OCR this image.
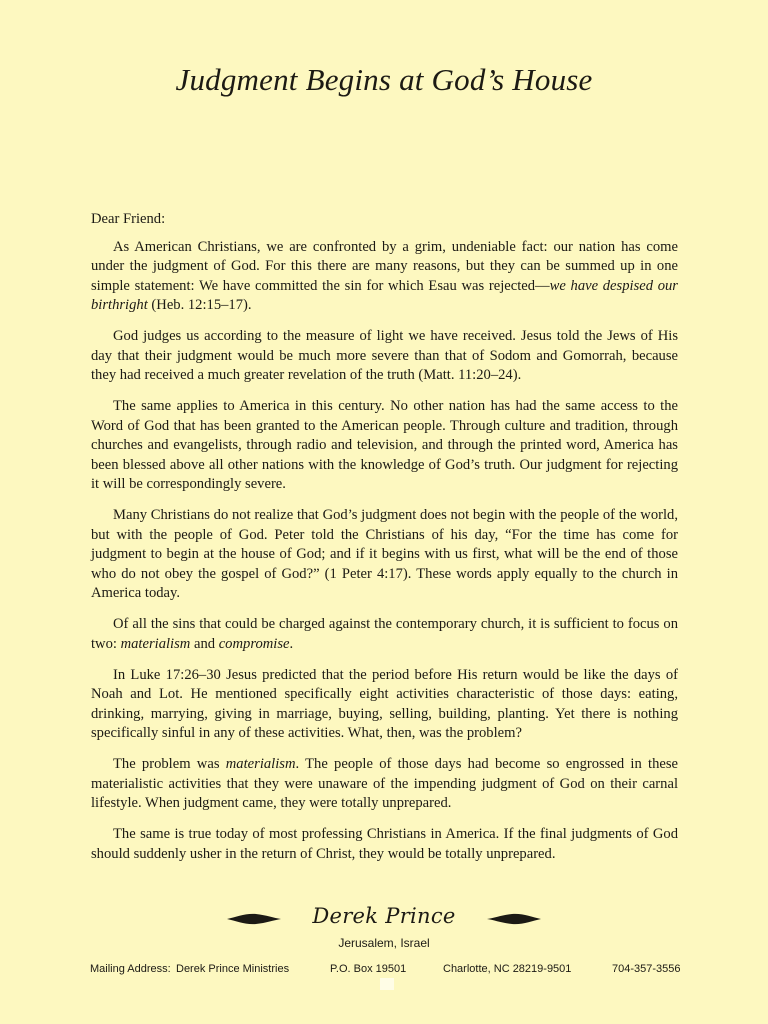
Judgment Begins at God’s House

Dear Friend:

As American Christians, we are confronted by a grim, undeniable fact: our nation has come under the judgment of God. For this there are many reasons, but they can be summed up in one simple statement: We have committed the sin for which Esau was rejected—we have despised our birthright (Heb. 12:15–17).

God judges us according to the measure of light we have received. Jesus told the Jews of His day that their judgment would be much more severe than that of Sodom and Gomorrah, because they had received a much greater revelation of the truth (Matt. 11:20–24).

The same applies to America in this century. No other nation has had the same access to the Word of God that has been granted to the American people. Through culture and tradition, through churches and evangelists, through radio and television, and through the printed word, America has been blessed above all other nations with the knowledge of God’s truth. Our judgment for rejecting it will be correspondingly severe.

Many Christians do not realize that God’s judgment does not begin with the people of the world, but with the people of God. Peter told the Christians of his day, “For the time has come for judgment to begin at the house of God; and if it begins with us first, what will be the end of those who do not obey the gospel of God?” (1 Peter 4:17). These words apply equally to the church in America today.

Of all the sins that could be charged against the contemporary church, it is sufficient to focus on two: materialism and compromise.

In Luke 17:26–30 Jesus predicted that the period before His return would be like the days of Noah and Lot. He mentioned specifically eight activities characteristic of those days: eating, drinking, marrying, giving in marriage, buying, selling, building, planting. Yet there is nothing specifically sinful in any of these activities. What, then, was the problem?

The problem was materialism. The people of those days had become so engrossed in these materialistic activities that they were unaware of the impending judgment of God on their carnal lifestyle. When judgment came, they were totally unprepared.

The same is true today of most professing Christians in America. If the final judgments of God should suddenly usher in the return of Christ, they would be totally unprepared.

Derek Prince
Jerusalem, Israel
Mailing Address: Derek Prince Ministries	P.O. Box 19501	Charlotte, NC 28219-9501	704-357-3556
